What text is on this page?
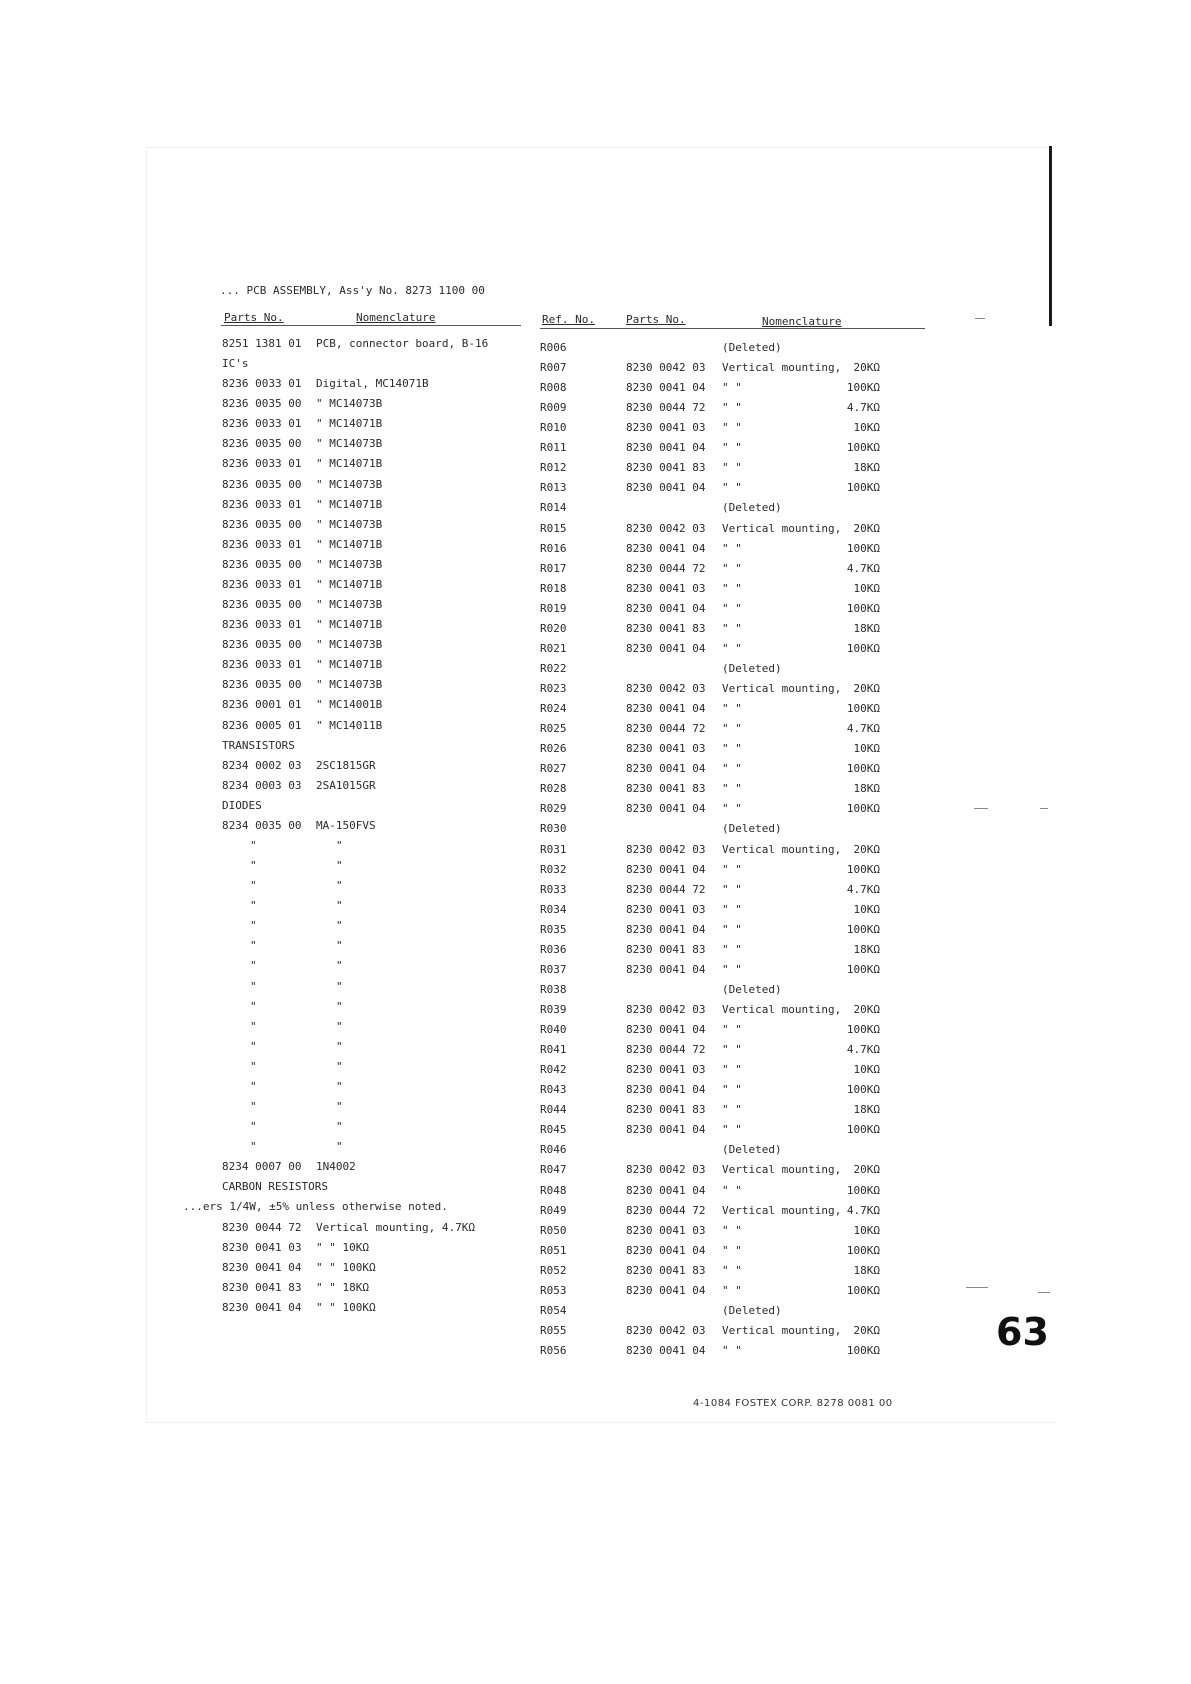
... PCB ASSEMBLY, Ass'y No. 8273 1100 00
Parts No.	Nomenclature	Ref. No.	Parts No.	Nomenclature
8251 1381 01 PCB, connector board, B-16
IC's
8236 0033 01 Digital, MC14071B
8236 0035 00 " MC14073B
8236 0033 01 " MC14071B
8236 0035 00 " MC14073B
8236 0033 01 " MC14071B
8236 0035 00 " MC14073B
8236 0033 01 " MC14071B
8236 0035 00 " MC14073B
8236 0033 01 " MC14071B
8236 0035 00 " MC14073B
8236 0033 01 " MC14071B
8236 0035 00 " MC14073B
8236 0033 01 " MC14071B
8236 0035 00 " MC14073B
8236 0033 01 " MC14071B
8236 0035 00 " MC14073B
8236 0001 01 " MC14001B
8236 0005 01 " MC14011B
TRANSISTORS
8234 0002 03 2SC1815GR
8234 0003 03 2SA1015GR
DIODES
8234 0035 00 MA-150FVS
"	"
"	"
"	"
"	"
"	"
"	"
"	"
"	"
"	"
"	"
"	"
"	"
"	"
"	"
"	"
"	"
8234 0007 00 1N4002
CARBON RESISTORS
...ers 1/4W, ±5% unless otherwise noted.
8230 0044 72 Vertical mounting, 4.7KΩ
8230 0041 03 " " 10KΩ
8230 0041 04 " " 100KΩ
8230 0041 83 " " 18KΩ
8230 0041 04 " " 100KΩ
R006	(Deleted)
R007	8230 0042 03 Vertical mounting, 20KΩ
R008	8230 0041 04 " "	100KΩ
R009	8230 0044 72 " "	4.7KΩ
R010	8230 0041 03 " "	10KΩ
R011	8230 0041 04 " "	100KΩ
R012	8230 0041 83 " "	18KΩ
R013	8230 0041 04 " "	100KΩ
R014	(Deleted)
R015	8230 0042 03 Vertical mounting, 20KΩ
R016	8230 0041 04 " "	100KΩ
R017	8230 0044 72 " "	4.7KΩ
R018	8230 0041 03 " "	10KΩ
R019	8230 0041 04 " "	100KΩ
R020	8230 0041 83 " "	18KΩ
R021	8230 0041 04 " "	100KΩ
R022	(Deleted)
R023	8230 0042 03 Vertical mounting, 20KΩ
R024	8230 0041 04 " "	100KΩ
R025	8230 0044 72 " "	4.7KΩ
R026	8230 0041 03 " "	10KΩ
R027	8230 0041 04 " "	100KΩ
R028	8230 0041 83 " "	18KΩ
R029	8230 0041 04 " "	100KΩ
R030	(Deleted)
R031	8230 0042 03 Vertical mounting, 20KΩ
R032	8230 0041 04 " "	100KΩ
R033	8230 0044 72 " "	4.7KΩ
R034	8230 0041 03 " "	10KΩ
R035	8230 0041 04 " "	100KΩ
R036	8230 0041 83 " "	18KΩ
R037	8230 0041 04 " "	100KΩ
R038	(Deleted)
R039	8230 0042 03 Vertical mounting, 20KΩ
R040	8230 0041 04 " "	100KΩ
R041	8230 0044 72 " "	4.7KΩ
R042	8230 0041 03 " "	10KΩ
R043	8230 0041 04 " "	100KΩ
R044	8230 0041 83 " "	18KΩ
R045	8230 0041 04 " "	100KΩ
R046	(Deleted)
R047	8230 0042 03 Vertical mounting, 20KΩ
R048	8230 0041 04 " "	100KΩ
R049	8230 0044 72 Vertical mounting, 4.7KΩ
R050	8230 0041 03 " "	10KΩ
R051	8230 0041 04 " "	100KΩ
R052	8230 0041 83 " "	18KΩ
R053	8230 0041 04 " "	100KΩ
R054	(Deleted)
R055	8230 0042 03 Vertical mounting, 20KΩ
R056	8230 0041 04 " "	100KΩ	63
4-1084 FOSTEX CORP. 8278 0081 00
